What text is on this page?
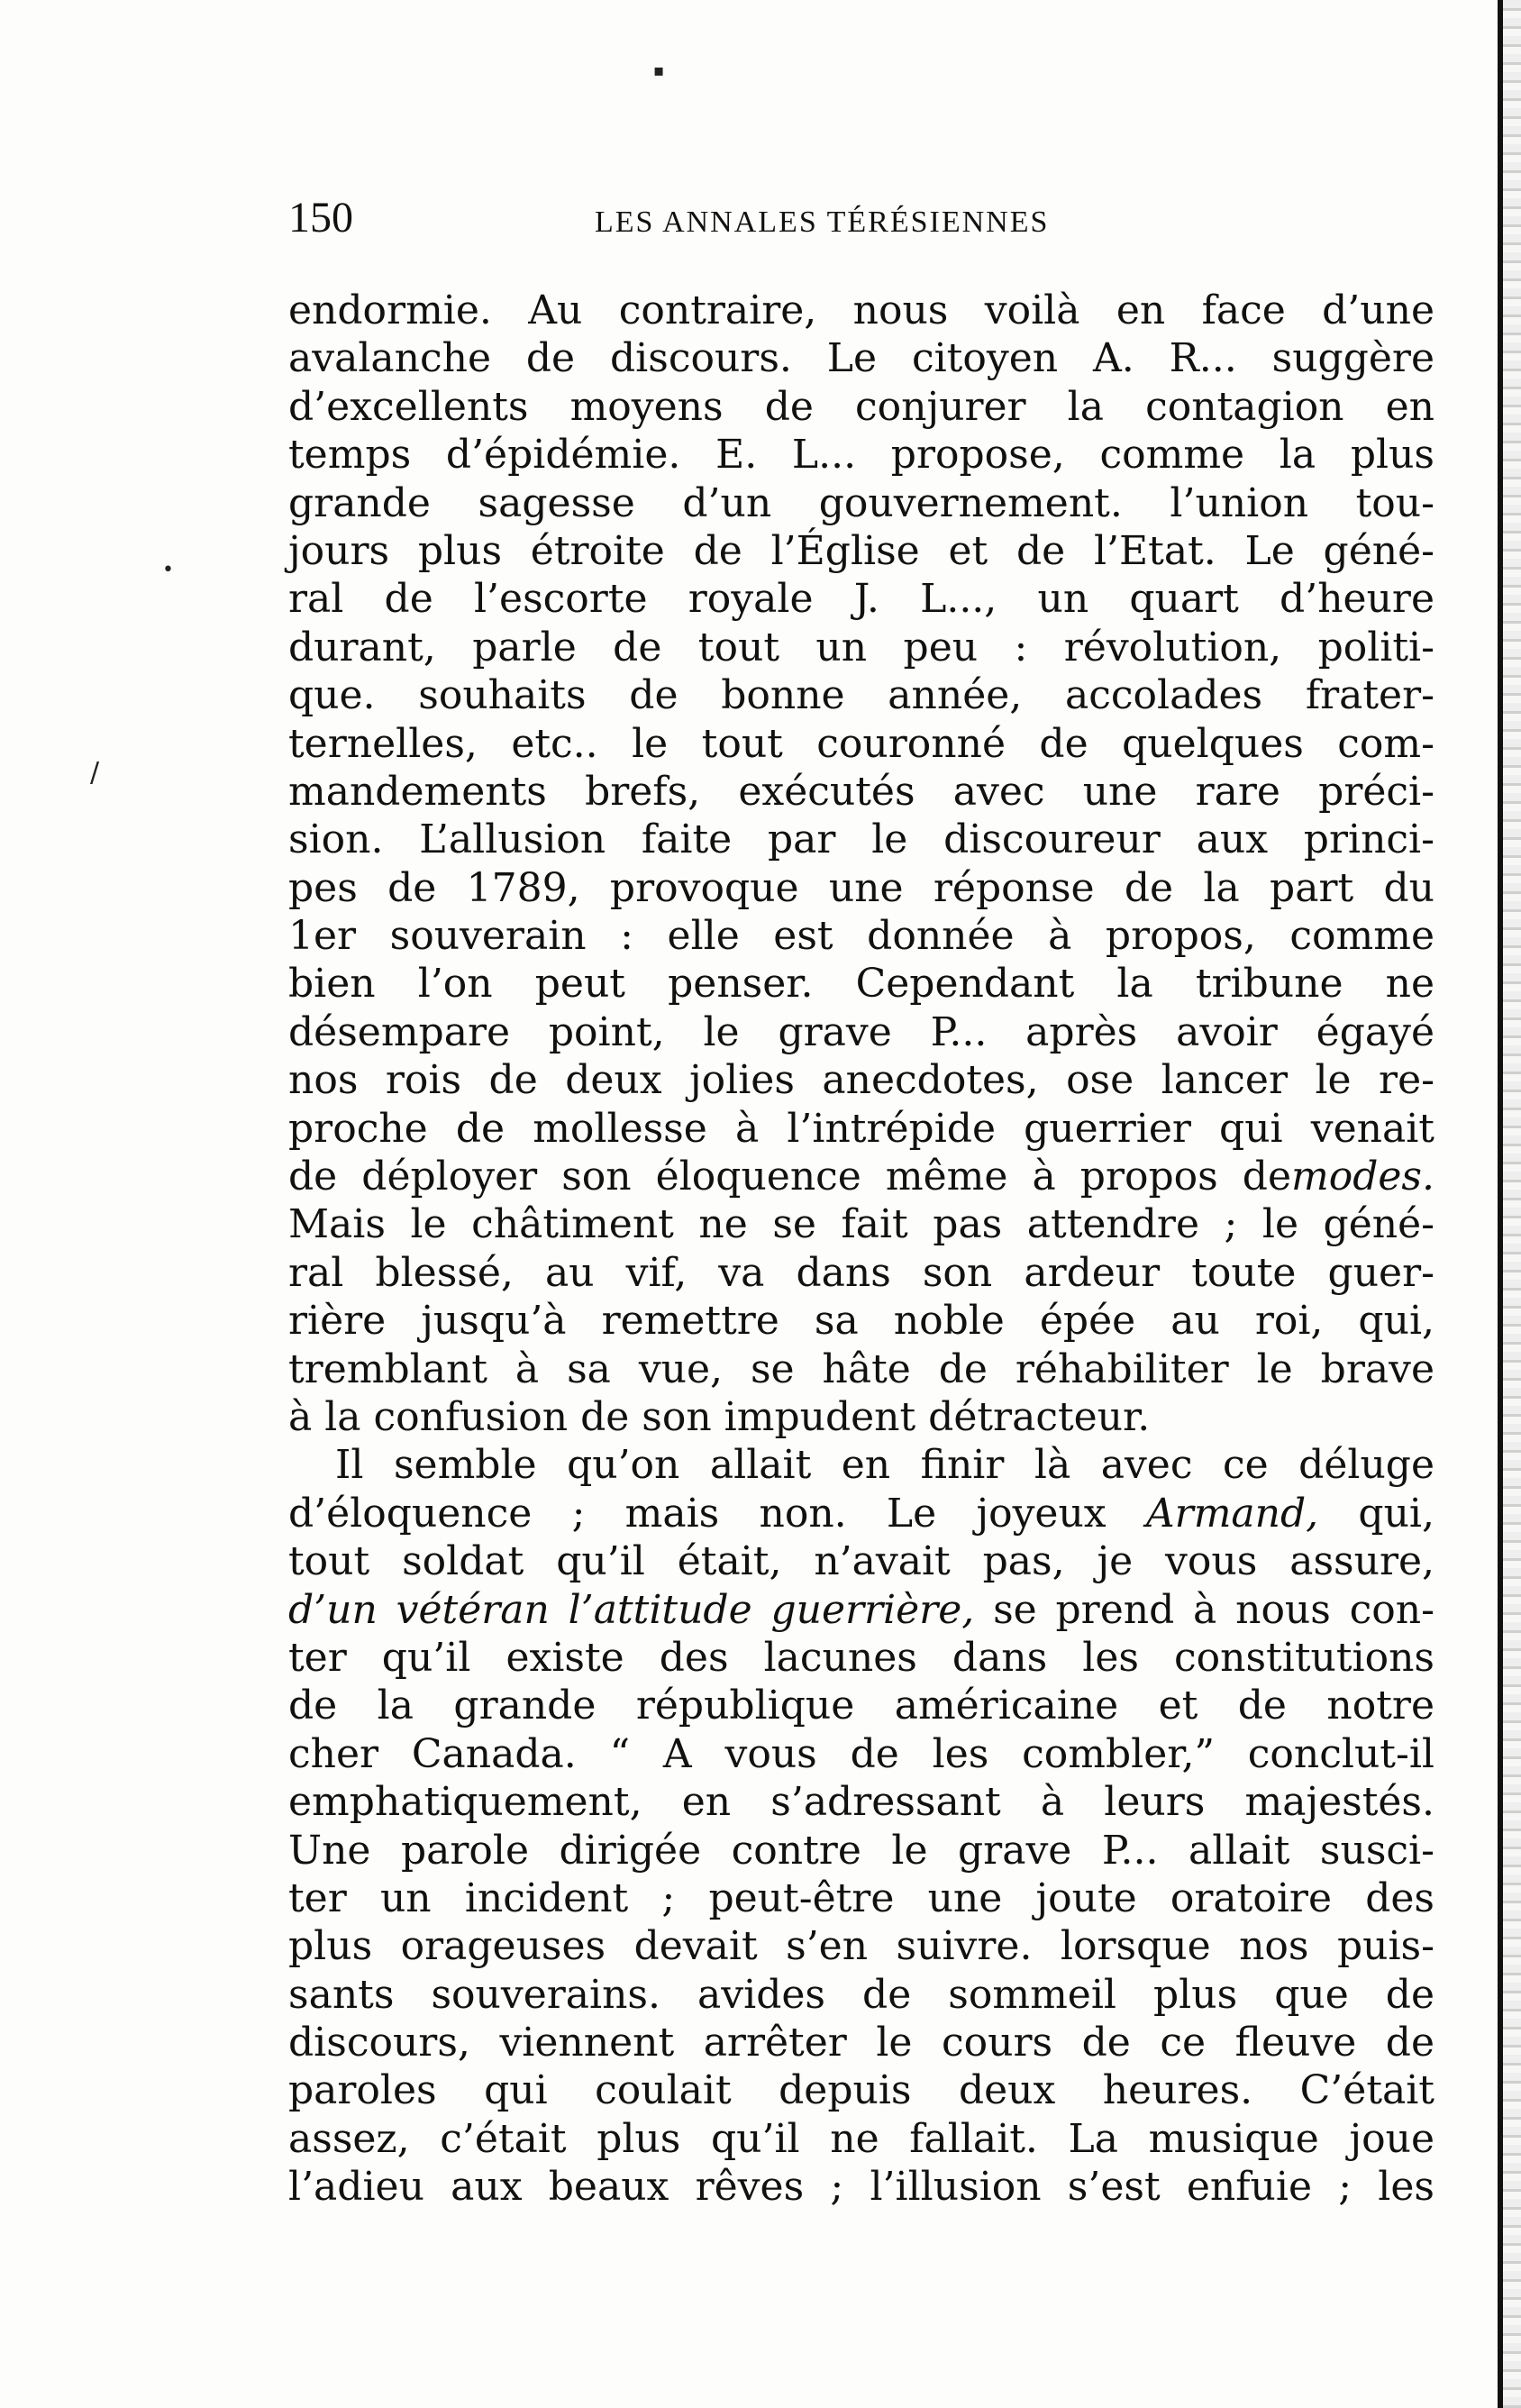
•
/
▪
150	LES ANNALES TÉRÉSIENNES
endormie. Au contraire, nous voilà en face d’une
avalanche de discours. Le citoyen A. R... suggère
d’excellents moyens de conjurer la contagion en
temps d’épidémie. E. L... propose, comme la plus
grande sagesse d’un gouvernement. l’union tou-
jours plus étroite de l’Église et de l’Etat. Le géné-
ral de l’escorte royale J. L..., un quart d’heure
durant, parle de tout un peu : révolution, politi-
que. souhaits de bonne année, accolades frater-
ternelles, etc.. le tout couronné de quelques com-
mandements brefs, exécutés avec une rare préci-
sion. L’allusion faite par le discoureur aux princi-
pes de 1789, provoque une réponse de la part du
1er souverain : elle est donnée à propos, comme
bien l’on peut penser. Cependant la tribune ne
désempare point, le grave P... après avoir égayé
nos rois de deux jolies anecdotes, ose lancer le re-
proche de mollesse à l’intrépide guerrier qui venait
de déployer son éloquence même à propos demodes.
Mais le châtiment ne se fait pas attendre ; le géné-
ral blessé, au vif, va dans son ardeur toute guer-
rière jusqu’à remettre sa noble épée au roi, qui,
tremblant à sa vue, se hâte de réhabiliter le brave
à la confusion de son impudent détracteur.
Il semble qu’on allait en finir là avec ce déluge
d’éloquence ; mais non. Le joyeux Armand, qui,
tout soldat qu’il était, n’avait pas, je vous assure,
d’un vétéran l’attitude guerrière, se prend à nous con-
ter qu’il existe des lacunes dans les constitutions
de la grande république américaine et de notre
cher Canada. “ A vous de les combler,” conclut-il
emphatiquement, en s’adressant à leurs majestés.
Une parole dirigée contre le grave P... allait susci-
ter un incident ; peut-être une joute oratoire des
plus orageuses devait s’en suivre. lorsque nos puis-
sants souverains. avides de sommeil plus que de
discours, viennent arrêter le cours de ce fleuve de
paroles qui coulait depuis deux heures. C’était
assez, c’était plus qu’il ne fallait. La musique joue
l’adieu aux beaux rêves ; l’illusion s’est enfuie ; les
